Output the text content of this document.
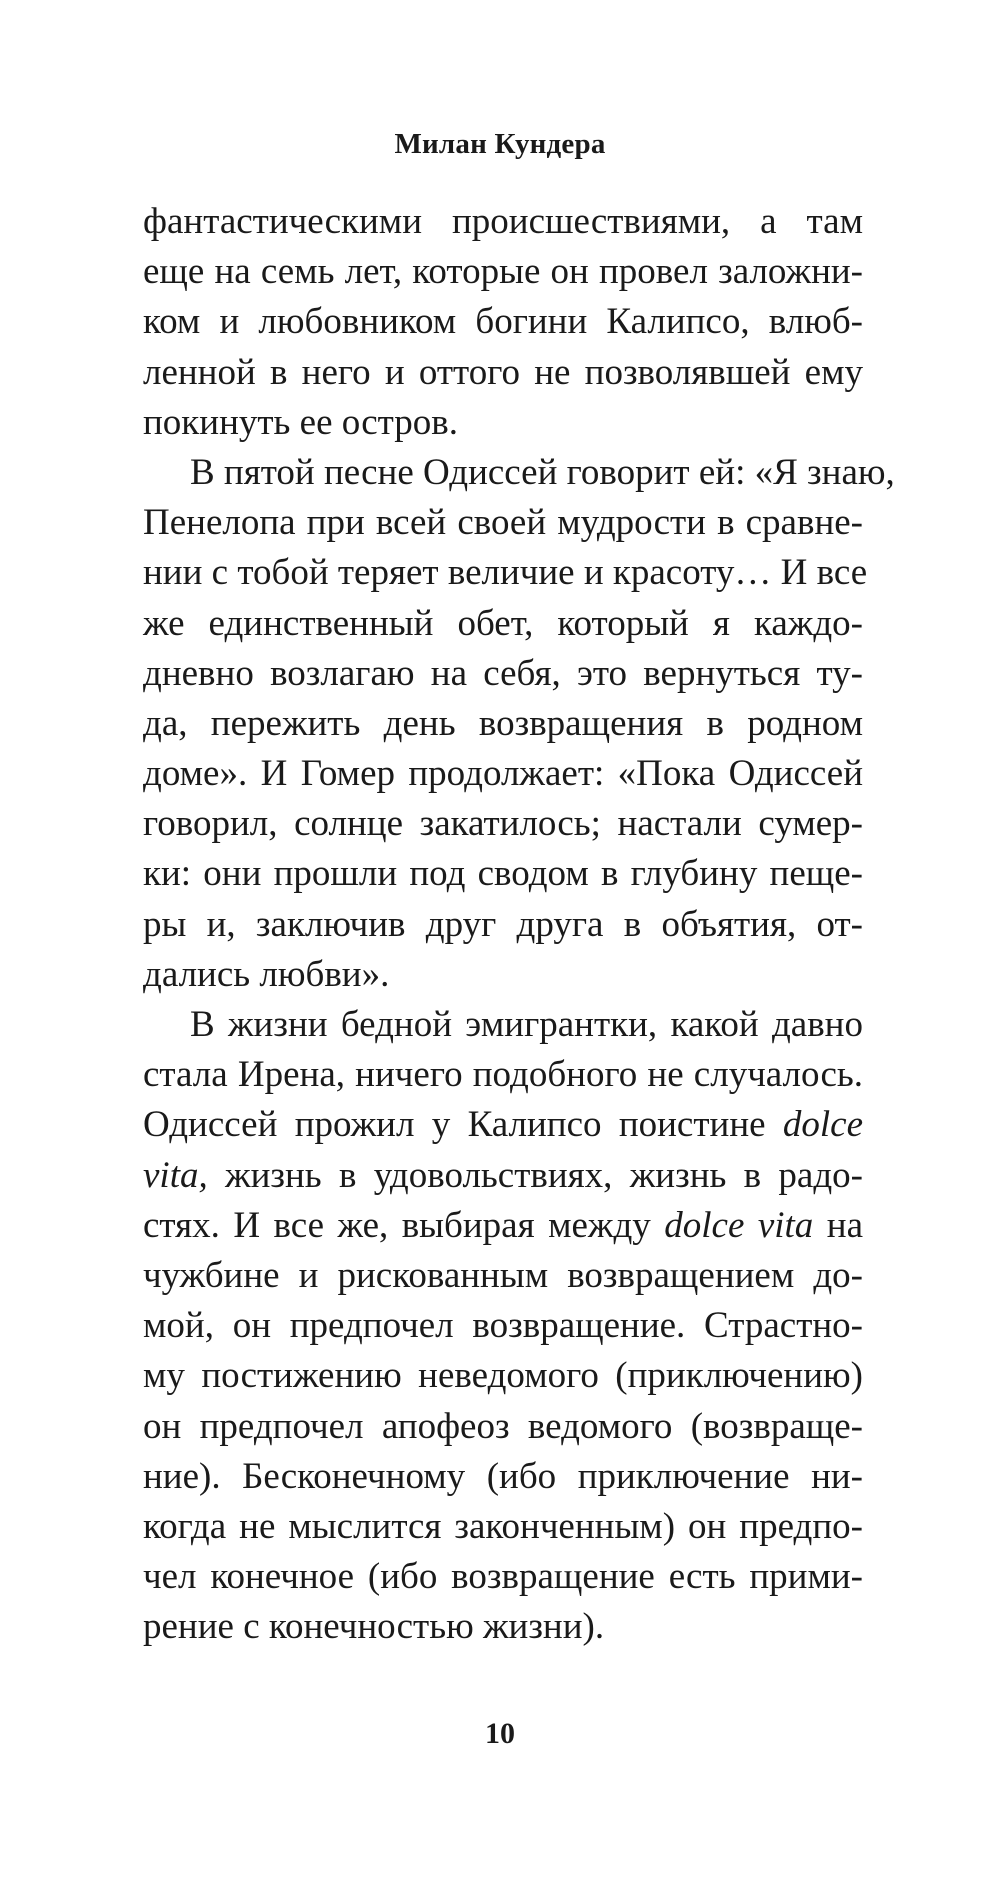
Милан Кундера
фантастическими происшествиями, а там
еще на семь лет, которые он провел заложни-
ком и любовником богини Калипсо, влюб-
ленной в него и оттого не позволявшей ему
покинуть ее остров.
В пятой песне Одиссей говорит ей: «Я знаю,
Пенелопа при всей своей мудрости в сравне-
нии с тобой теряет величие и красоту… И все
же единственный обет, который я каждо-
дневно возлагаю на себя, это вернуться ту-
да, пережить день возвращения в родном
доме». И Гомер продолжает: «Пока Одиссей
говорил, солнце закатилось; настали сумер-
ки: они прошли под сводом в глубину пеще-
ры и, заключив друг друга в объятия, от-
дались любви».
В жизни бедной эмигрантки, какой давно
стала Ирена, ничего подобного не случалось.
Одиссей прожил у Калипсо поистине dolce
vita, жизнь в удовольствиях, жизнь в радо-
стях. И все же, выбирая между dolce vita на
чужбине и рискованным возвращением до-
мой, он предпочел возвращение. Страстно-
му постижению неведомого (приключению)
он предпочел апофеоз ведомого (возвраще-
ние). Бесконечному (ибо приключение ни-
когда не мыслится законченным) он предпо-
чел конечное (ибо возвращение есть прими-
рение с конечностью жизни).
10
